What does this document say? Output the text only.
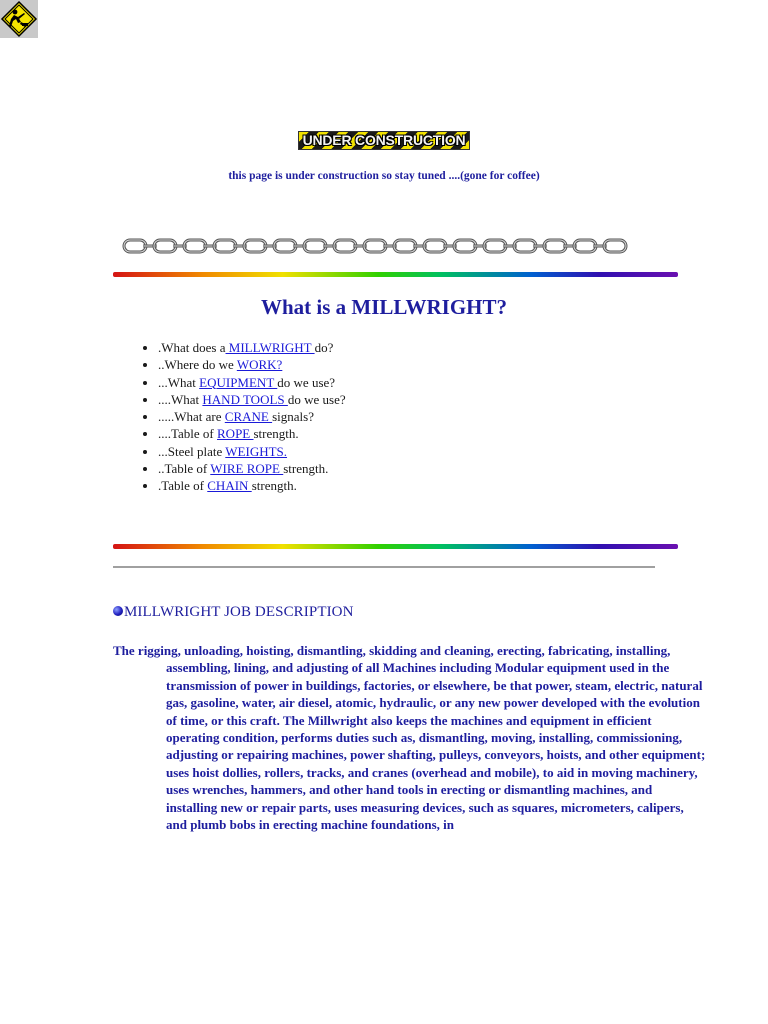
UNDER CONSTRUCTION
this page is under construction so stay tuned ....(gone for coffee)
What is a MILLWRIGHT?
• .What does a MILLWRIGHT do?
• ..Where do we WORK?
• ...What EQUIPMENT do we use?
• ....What HAND TOOLS do we use?
• .....What are CRANE signals?
• ....Table of ROPE strength.
• ...Steel plate WEIGHTS.
• ..Table of WIRE ROPE strength.
• .Table of CHAIN strength.
MILLWRIGHT JOB DESCRIPTION

The rigging, unloading, hoisting, dismantling, skidding and cleaning, erecting, fabricating, installing, assembling, lining, and adjusting of all Machines including Modular equipment used in the transmission of power in buildings, factories, or elsewhere, be that power, steam, electric, natural gas, gasoline, water, air diesel, atomic, hydraulic, or any new power developed with the evolution of time, or this craft. The Millwright also keeps the machines and equipment in efficient operating condition, performs duties such as, dismantling, moving, installing, commissioning, adjusting or repairing machines, power shafting, pulleys, conveyors, hoists, and other equipment; uses hoist dollies, rollers, tracks, and cranes (overhead and mobile), to aid in moving machinery, uses wrenches, hammers, and other hand tools in erecting or dismantling machines, and installing new or repair parts, uses measuring devices, such as squares, micrometers, calipers, and plumb bobs in erecting machine foundations, in
